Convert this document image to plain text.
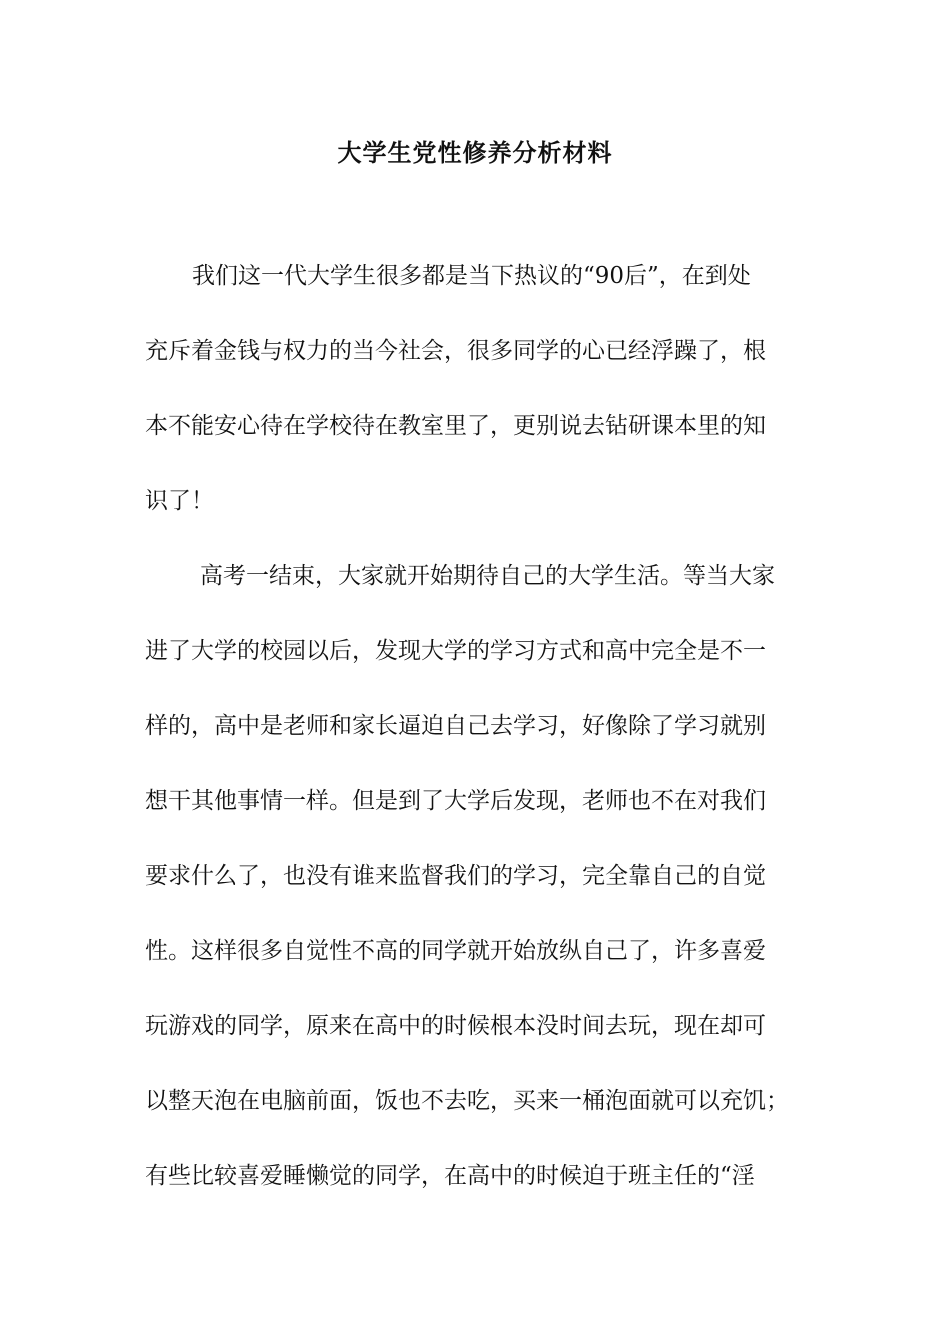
大学生党性修养分析材料

我们这一代大学生很多都是当下热议的“90后”，在到处

充斥着金钱与权力的当今社会，很多同学的心已经浮躁了，根

本不能安心待在学校待在教室里了，更别说去钻研课本里的知

识了！

高考一结束，大家就开始期待自己的大学生活。等当大家

进了大学的校园以后，发现大学的学习方式和高中完全是不一

样的，高中是老师和家长逼迫自己去学习，好像除了学习就别

想干其他事情一样。但是到了大学后发现，老师也不在对我们

要求什么了，也没有谁来监督我们的学习，完全靠自己的自觉

性。这样很多自觉性不高的同学就开始放纵自己了，许多喜爱

玩游戏的同学，原来在高中的时候根本没时间去玩，现在却可

以整天泡在电脑前面，饭也不去吃，买来一桶泡面就可以充饥；

有些比较喜爱睡懒觉的同学，在高中的时候迫于班主任的“淫
